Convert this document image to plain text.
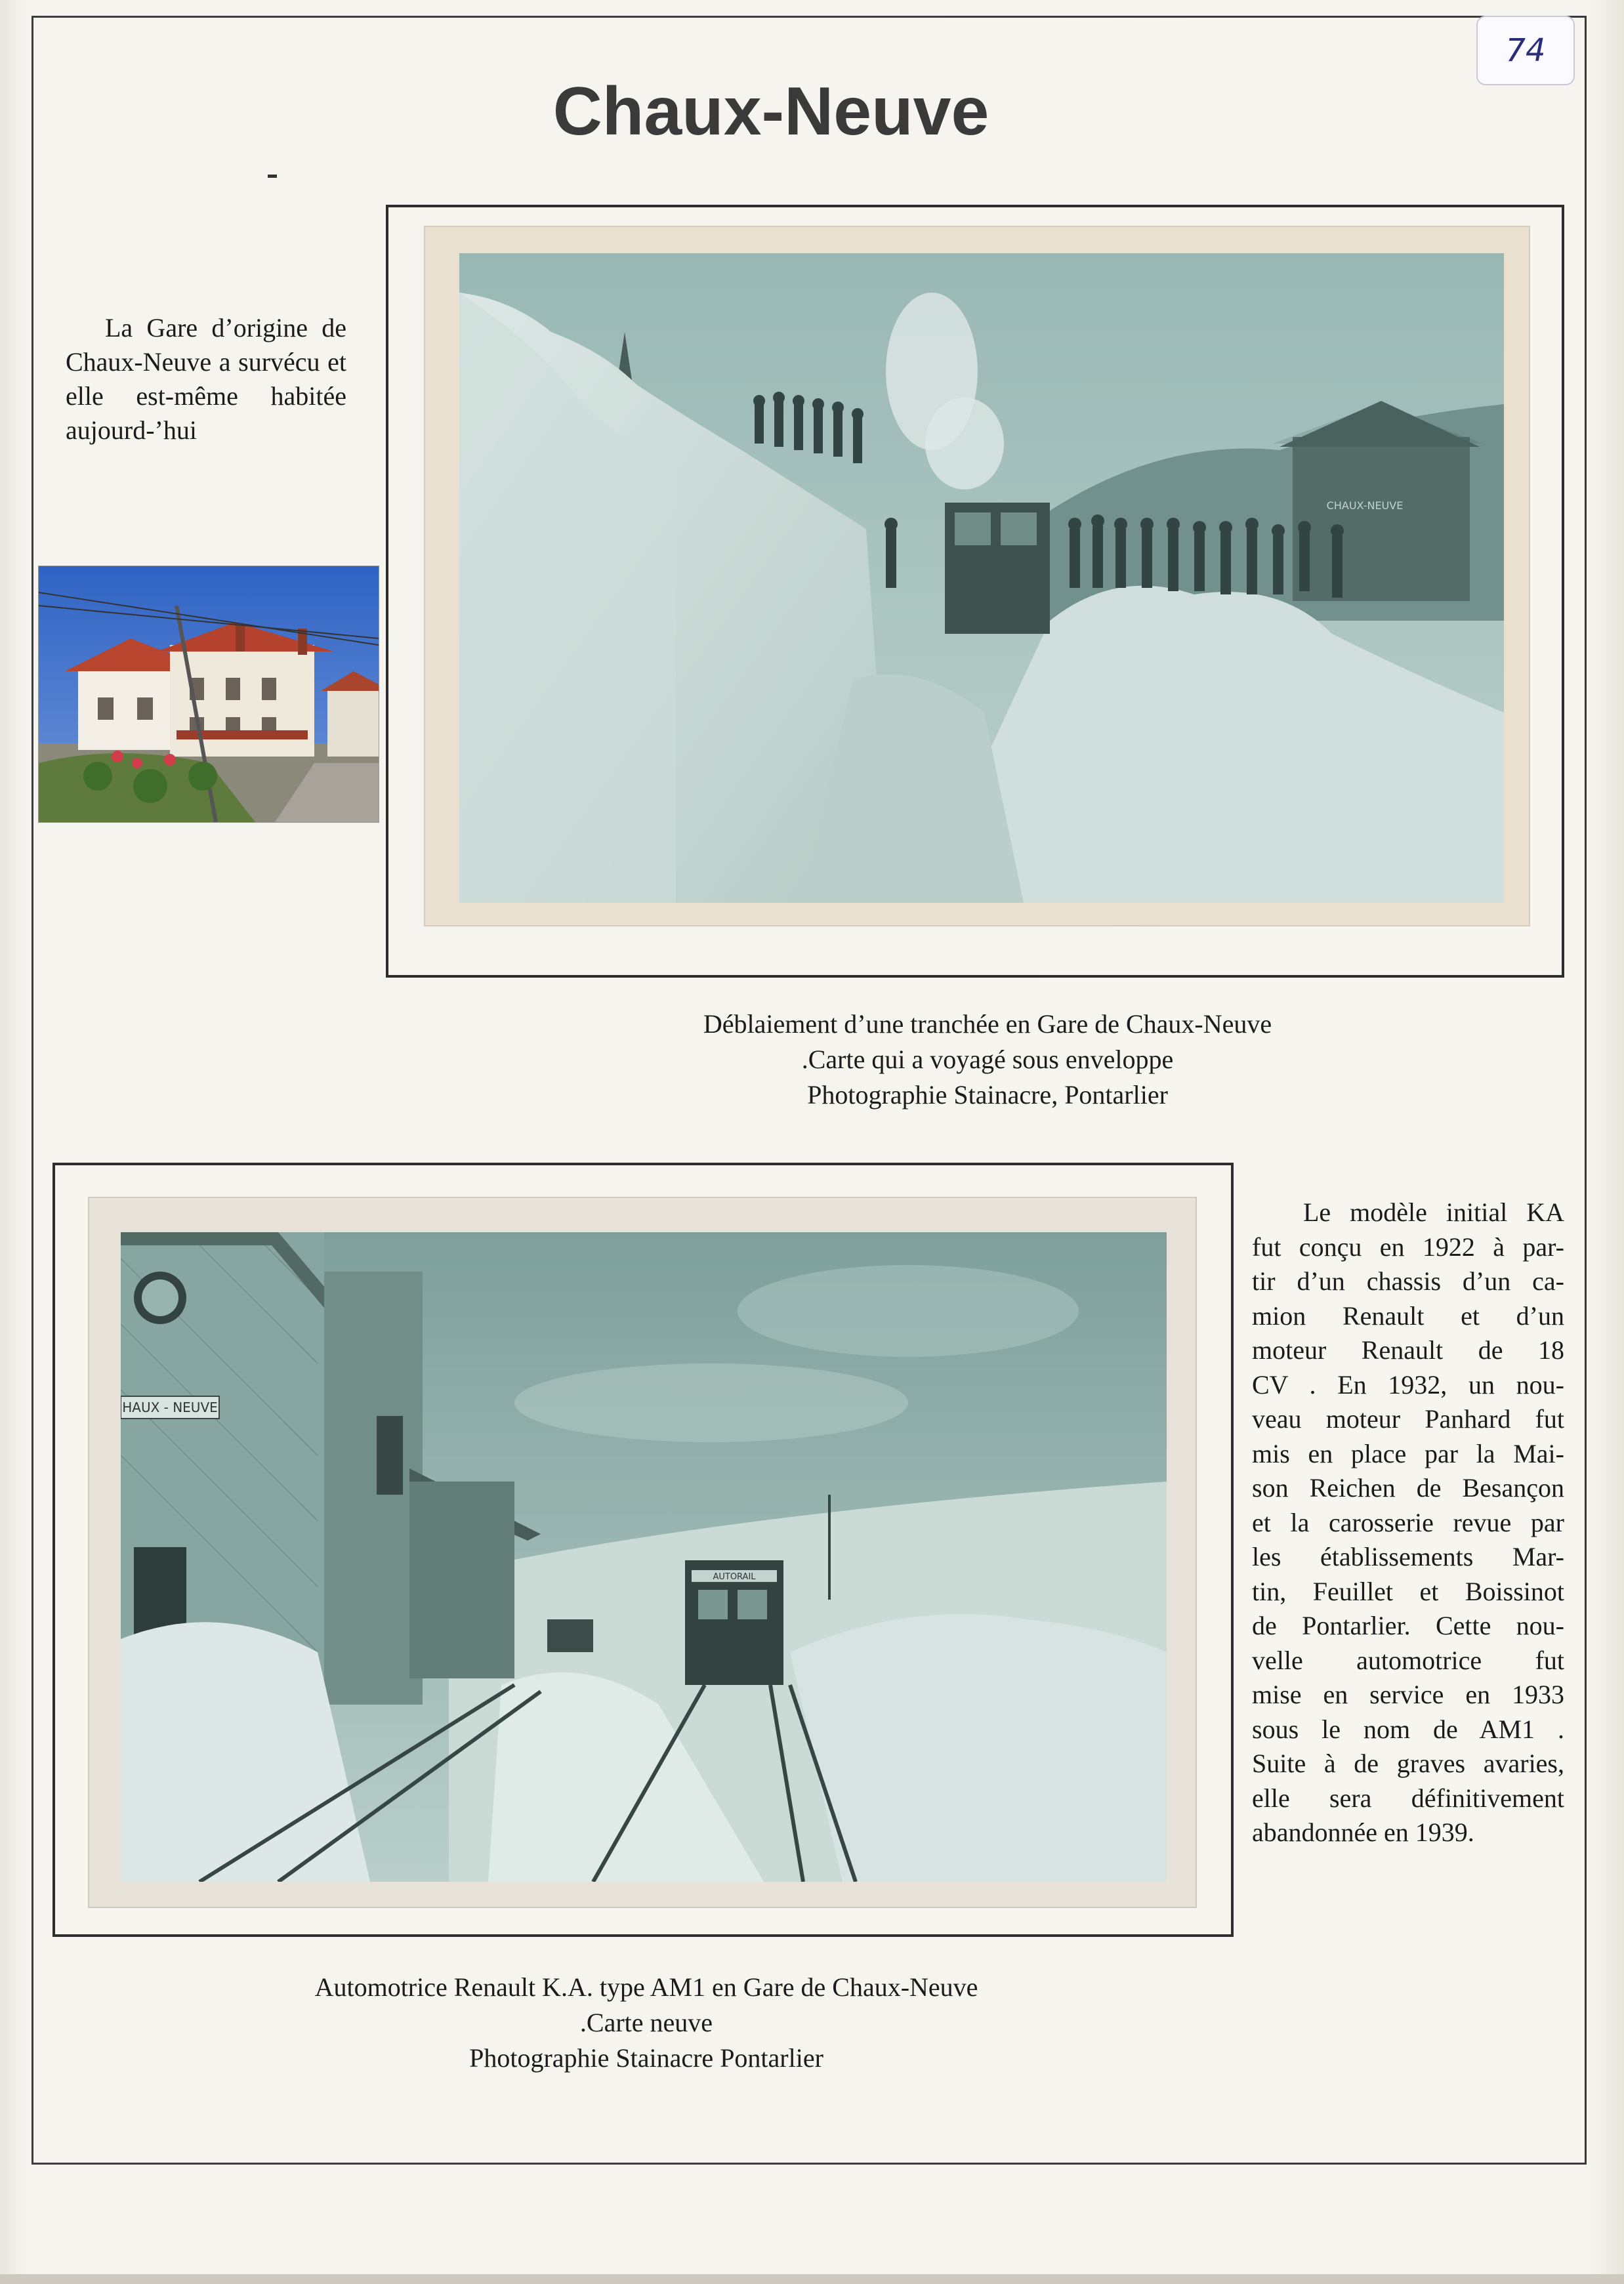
74
Chaux-Neuve
La Gare d’origine de Chaux-Neuve a survécu et elle est-même habitée aujourd-’hui
CHAUX-NEUVE
Déblaiement d’une tranchée en Gare de Chaux-Neuve
.Carte qui a voyagé sous enveloppe
Photographie Stainacre, Pontarlier
HAUX - NEUVE
AUTORAIL
Automotrice Renault K.A. type AM1 en Gare de Chaux-Neuve
.Carte neuve
Photographie Stainacre Pontarlier
Le modèle initial KA
fut conçu en 1922 à par-
tir d’un chassis d’un ca-
mion Renault et d’un
moteur Renault de 18
CV . En 1932, un nou-
veau moteur Panhard fut
mis en place par la Mai-
son Reichen de Besançon
et la carosserie revue par
les établissements Mar-
tin, Feuillet et Boissinot
de Pontarlier. Cette nou-
velle automotrice fut
mise en service en 1933
sous le nom de AM1 .
Suite à de graves avaries,
elle sera définitivement
abandonnée en 1939.
